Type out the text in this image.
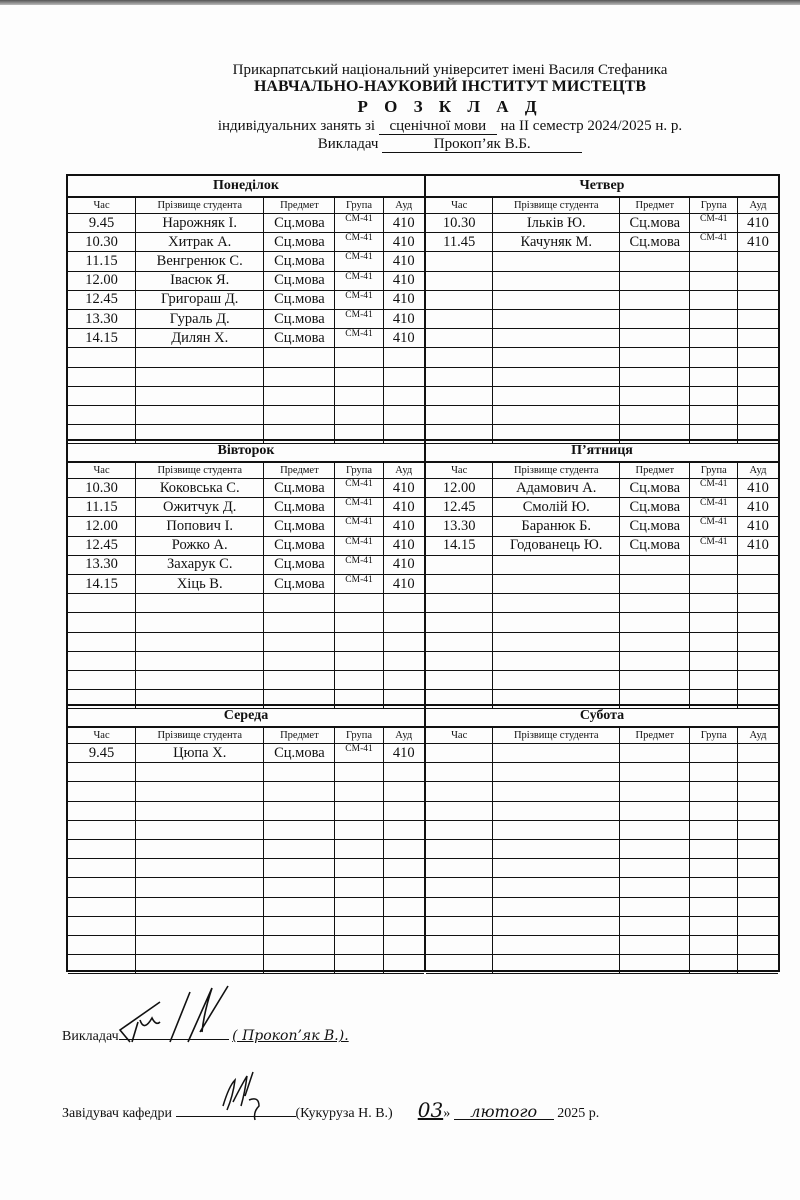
Прикарпатський національний університет імені Василя Стефаника
НАВЧАЛЬНО-НАУКОВИЙ ІНСТИТУТ МИСТЕЦТВ
Р О З К Л А Д
індивідуальних занять зі сценічної мови на II семестр 2024/2025 н. р.
Викладач	Прокоп’як В.Б.
Понеділок
Час	Прізвище студента	Предмет	Група	Ауд
9.45	Нарожняк І.	Сц.мова	СМ-41	410
10.30	Хитрак А.	Сц.мова	СМ-41	410
11.15	Венгренюк С.	Сц.мова	СМ-41	410
12.00	Івасюк Я.	Сц.мова	СМ-41	410
12.45	Григораш Д.	Сц.мова	СМ-41	410
13.30	Гураль Д.	Сц.мова	СМ-41	410
14.15	Дилян Х.	Сц.мова	СМ-41	410

Вівторок
Час	Прізвище студента	Предмет	Група	Ауд
10.30	Коковська С.	Сц.мова	СМ-41	410
11.15	Ожитчук Д.	Сц.мова	СМ-41	410
12.00	Попович І.	Сц.мова	СМ-41	410
12.45	Рожко А.	Сц.мова	СМ-41	410
13.30	Захарук С.	Сц.мова	СМ-41	410
14.15	Хіць В.	Сц.мова	СМ-41	410

Середа
Час	Прізвище студента	Предмет	Група	Ауд
9.45	Цюпа Х.	Сц.мова	СМ-41	410

Четвер
Час	Прізвище студента	Предмет	Група	Ауд
10.30	Ільків Ю.	Сц.мова	СМ-41	410
11.45	Качуняк М.	Сц.мова	СМ-41	410

П’ятниця
Час	Прізвище студента	Предмет	Група	Ауд
12.00	Адамович А.	Сц.мова	СМ-41	410
12.45	Смолій Ю.	Сц.мова	СМ-41	410
13.30	Баранюк Б.	Сц.мова	СМ-41	410
14.15	Годованець Ю.	Сц.мова	СМ-41	410

Субота
Час	Прізвище студента	Предмет	Група	Ауд

Викладач	( Прокоп’як В.).
Завідувач кафедри	(Кукуруза Н. В.) 03» лютого 2025 р.
